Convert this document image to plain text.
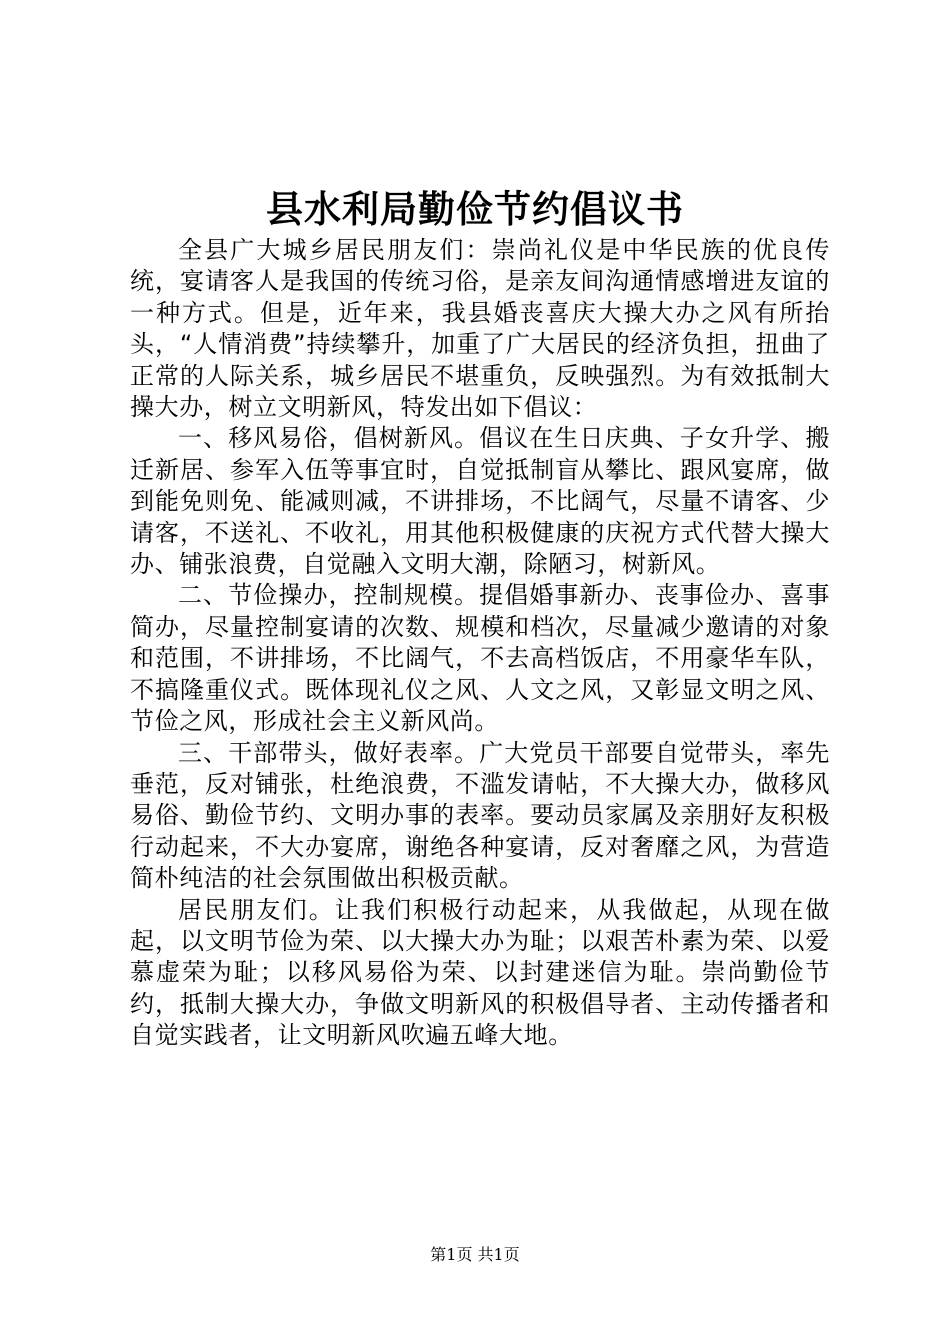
县水利局勤俭节约倡议书

全县广大城乡居民朋友们：崇尚礼仪是中华民族的优良传统，宴请客人是我国的传统习俗，是亲友间沟通情感增进友谊的一种方式。但是，近年来，我县婚丧喜庆大操大办之风有所抬头，“人情消费”持续攀升，加重了广大居民的经济负担，扭曲了正常的人际关系，城乡居民不堪重负，反映强烈。为有效抵制大操大办，树立文明新风，特发出如下倡议：

一、移风易俗，倡树新风。倡议在生日庆典、子女升学、搬迁新居、参军入伍等事宜时，自觉抵制盲从攀比、跟风宴席，做到能免则免、能减则减，不讲排场，不比阔气，尽量不请客、少请客，不送礼、不收礼，用其他积极健康的庆祝方式代替大操大办、铺张浪费，自觉融入文明大潮，除陋习，树新风。

二、节俭操办，控制规模。提倡婚事新办、丧事俭办、喜事简办，尽量控制宴请的次数、规模和档次，尽量减少邀请的对象和范围，不讲排场，不比阔气，不去高档饭店，不用豪华车队，不搞隆重仪式。既体现礼仪之风、人文之风，又彰显文明之风、节俭之风，形成社会主义新风尚。

三、干部带头，做好表率。广大党员干部要自觉带头，率先垂范，反对铺张，杜绝浪费，不滥发请帖，不大操大办，做移风易俗、勤俭节约、文明办事的表率。要动员家属及亲朋好友积极行动起来，不大办宴席，谢绝各种宴请，反对奢靡之风，为营造简朴纯洁的社会氛围做出积极贡献。

居民朋友们。让我们积极行动起来，从我做起，从现在做起，以文明节俭为荣、以大操大办为耻；以艰苦朴素为荣、以爱慕虚荣为耻；以移风易俗为荣、以封建迷信为耻。崇尚勤俭节约，抵制大操大办，争做文明新风的积极倡导者、主动传播者和自觉实践者，让文明新风吹遍五峰大地。

第1页 共1页
